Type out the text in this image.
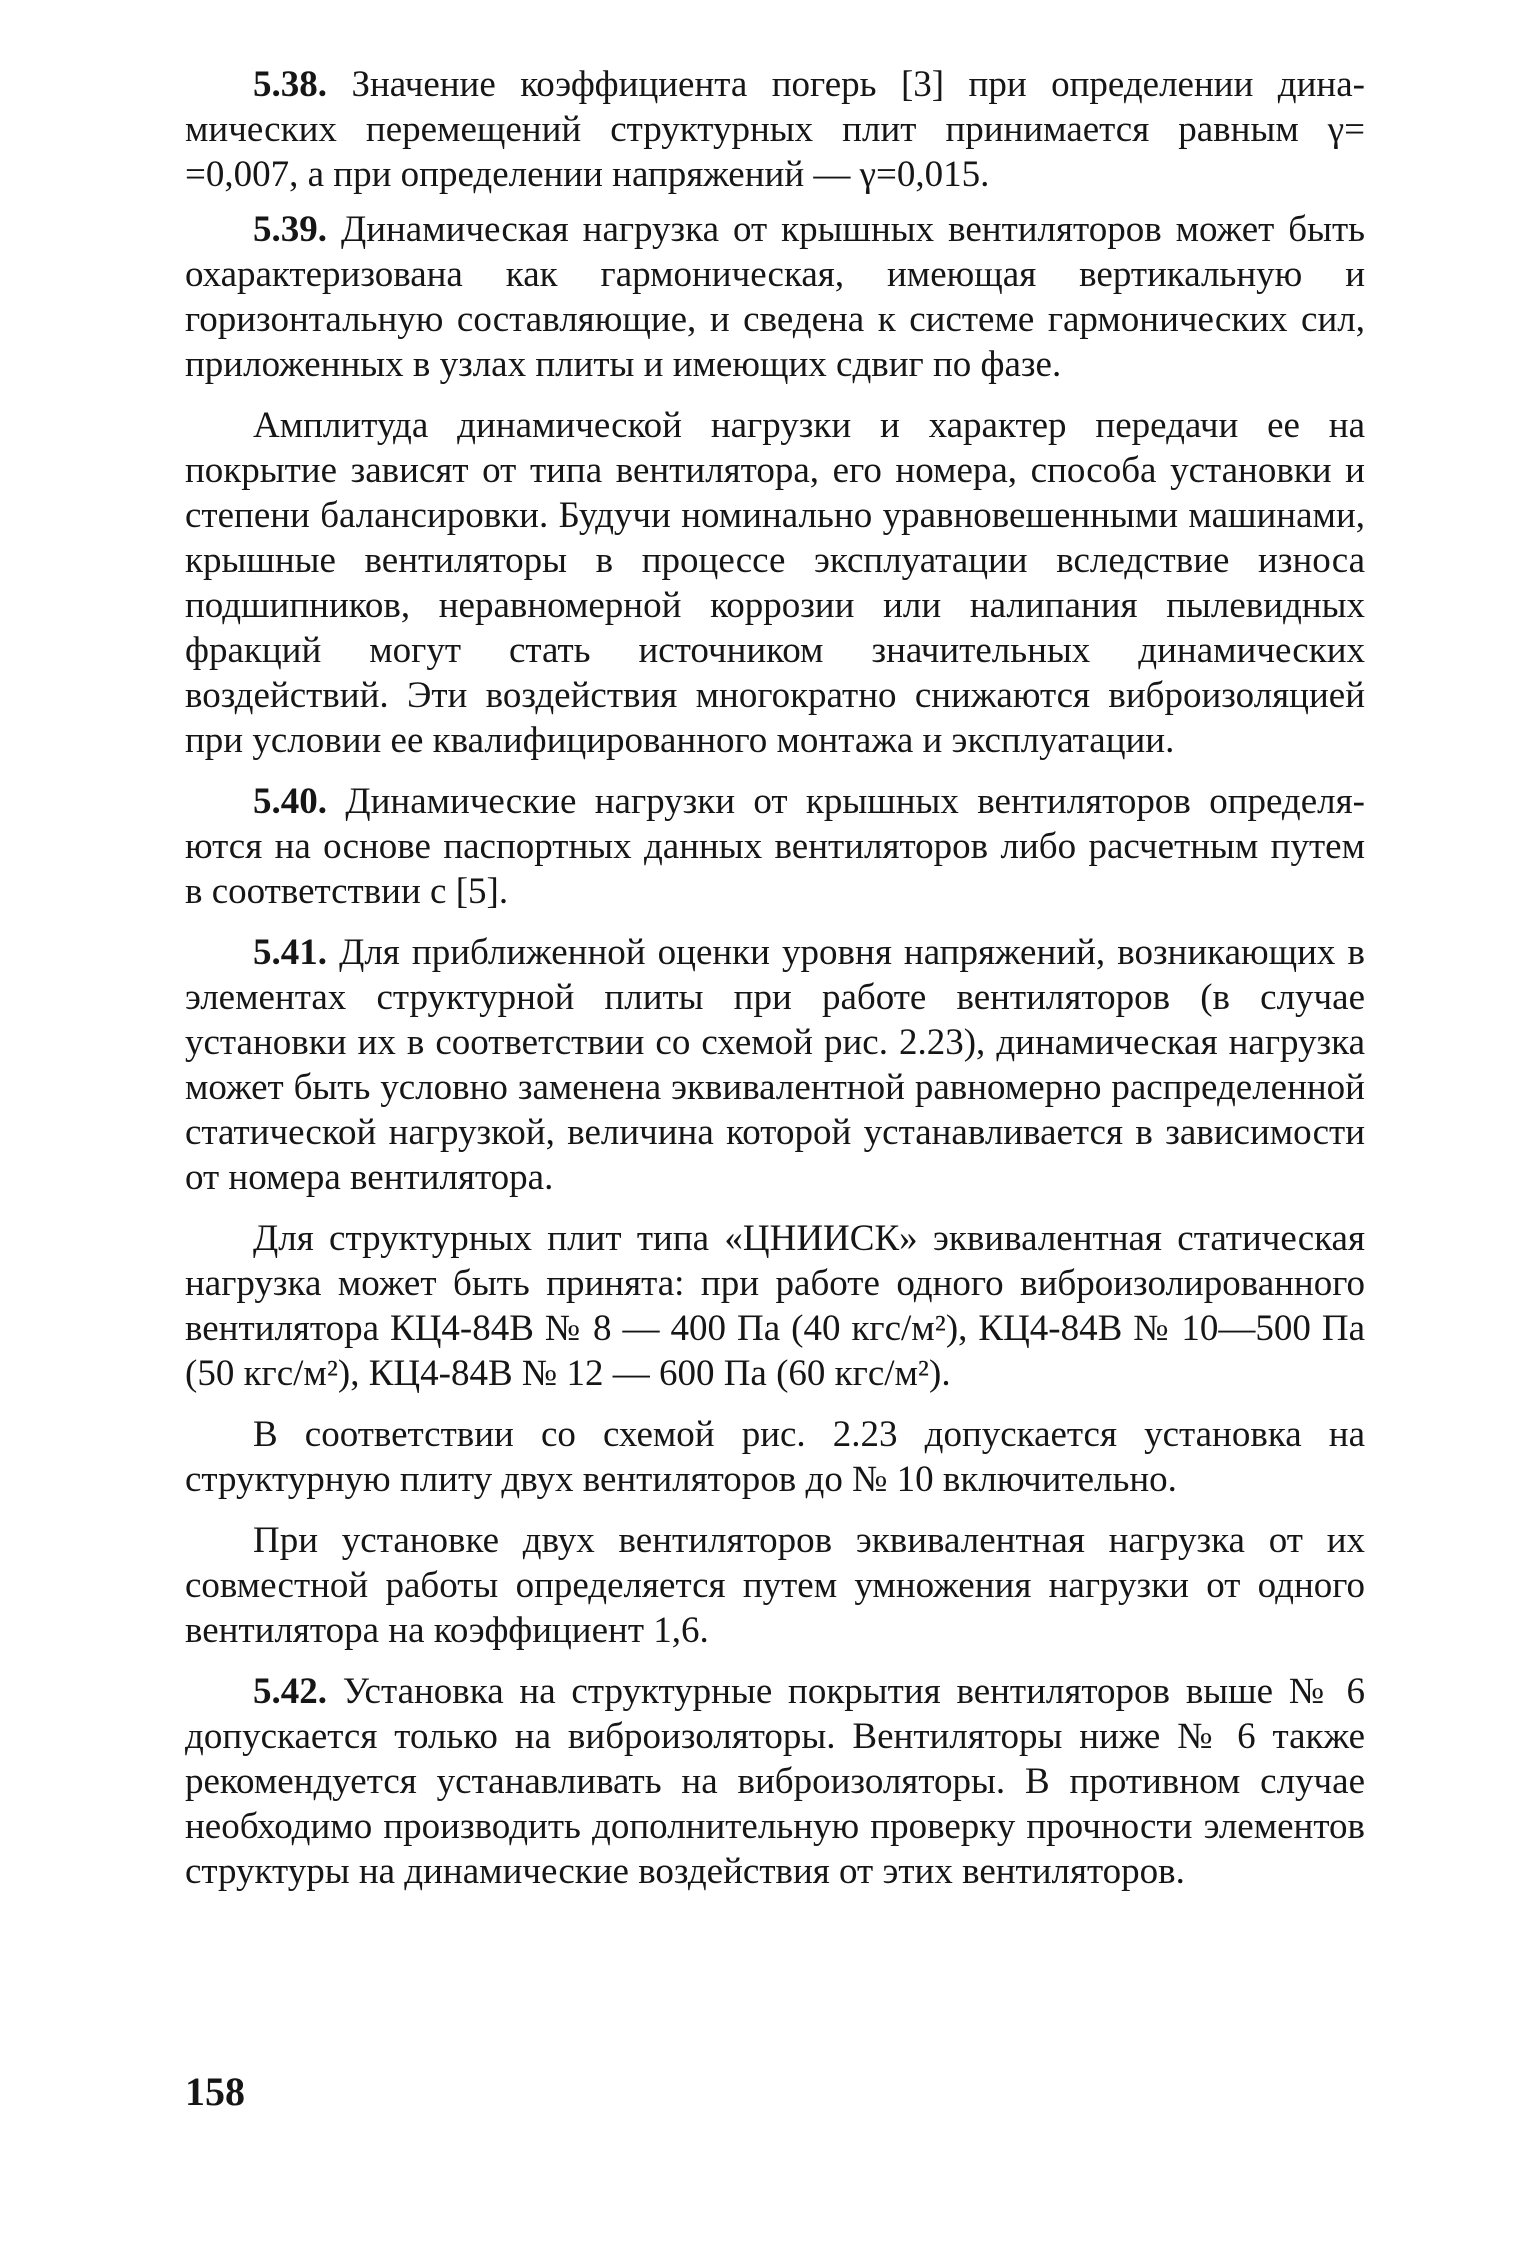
5.38. Значение коэффициента погерь [3] при определении динамических перемещений структурных плит принимается равным γ= =0,007, а при определении напряжений — γ=0,015.

5.39. Динамическая нагрузка от крышных вентиляторов может быть охарактеризована как гармоническая, имеющая вертикальную и горизонтальную составляющие, и сведена к системе гармонических сил, приложенных в узлах плиты и имеющих сдвиг по фазе.

Амплитуда динамической нагрузки и характер передачи ее на покрытие зависят от типа вентилятора, его номера, способа установки и степени балансировки. Будучи номинально уравновешенными машинами, крышные вентиляторы в процессе эксплуатации вследствие износа подшипников, неравномерной коррозии или налипания пылевидных фракций могут стать источником значительных динамических воздействий. Эти воздействия многократно снижаются виброизоляцией при условии ее квалифицированного монтажа и эксплуатации.

5.40. Динамические нагрузки от крышных вентиляторов определяются на основе паспортных данных вентиляторов либо расчетным путем в соответствии с [5].

5.41. Для приближенной оценки уровня напряжений, возникающих в элементах структурной плиты при работе вентиляторов (в случае установки их в соответствии со схемой рис. 2.23), динамическая нагрузка может быть условно заменена эквивалентной равномерно распределенной статической нагрузкой, величина которой устанавливается в зависимости от номера вентилятора.

Для структурных плит типа «ЦНИИСК» эквивалентная статическая нагрузка может быть принята: при работе одного виброизолированного вентилятора КЦ4-84В № 8 — 400 Па (40 кгс/м²), КЦ4-84В № 10—500 Па (50 кгс/м²), КЦ4-84В № 12 — 600 Па (60 кгс/м²).

В соответствии со схемой рис. 2.23 допускается установка на структурную плиту двух вентиляторов до № 10 включительно.

При установке двух вентиляторов эквивалентная нагрузка от их совместной работы определяется путем умножения нагрузки от одного вентилятора на коэффициент 1,6.

5.42. Установка на структурные покрытия вентиляторов выше № 6 допускается только на виброизоляторы. Вентиляторы ниже № 6 также рекомендуется устанавливать на виброизоляторы. В противном случае необходимо производить дополнительную проверку прочности элементов структуры на динамические воздействия от этих вентиляторов.

158
